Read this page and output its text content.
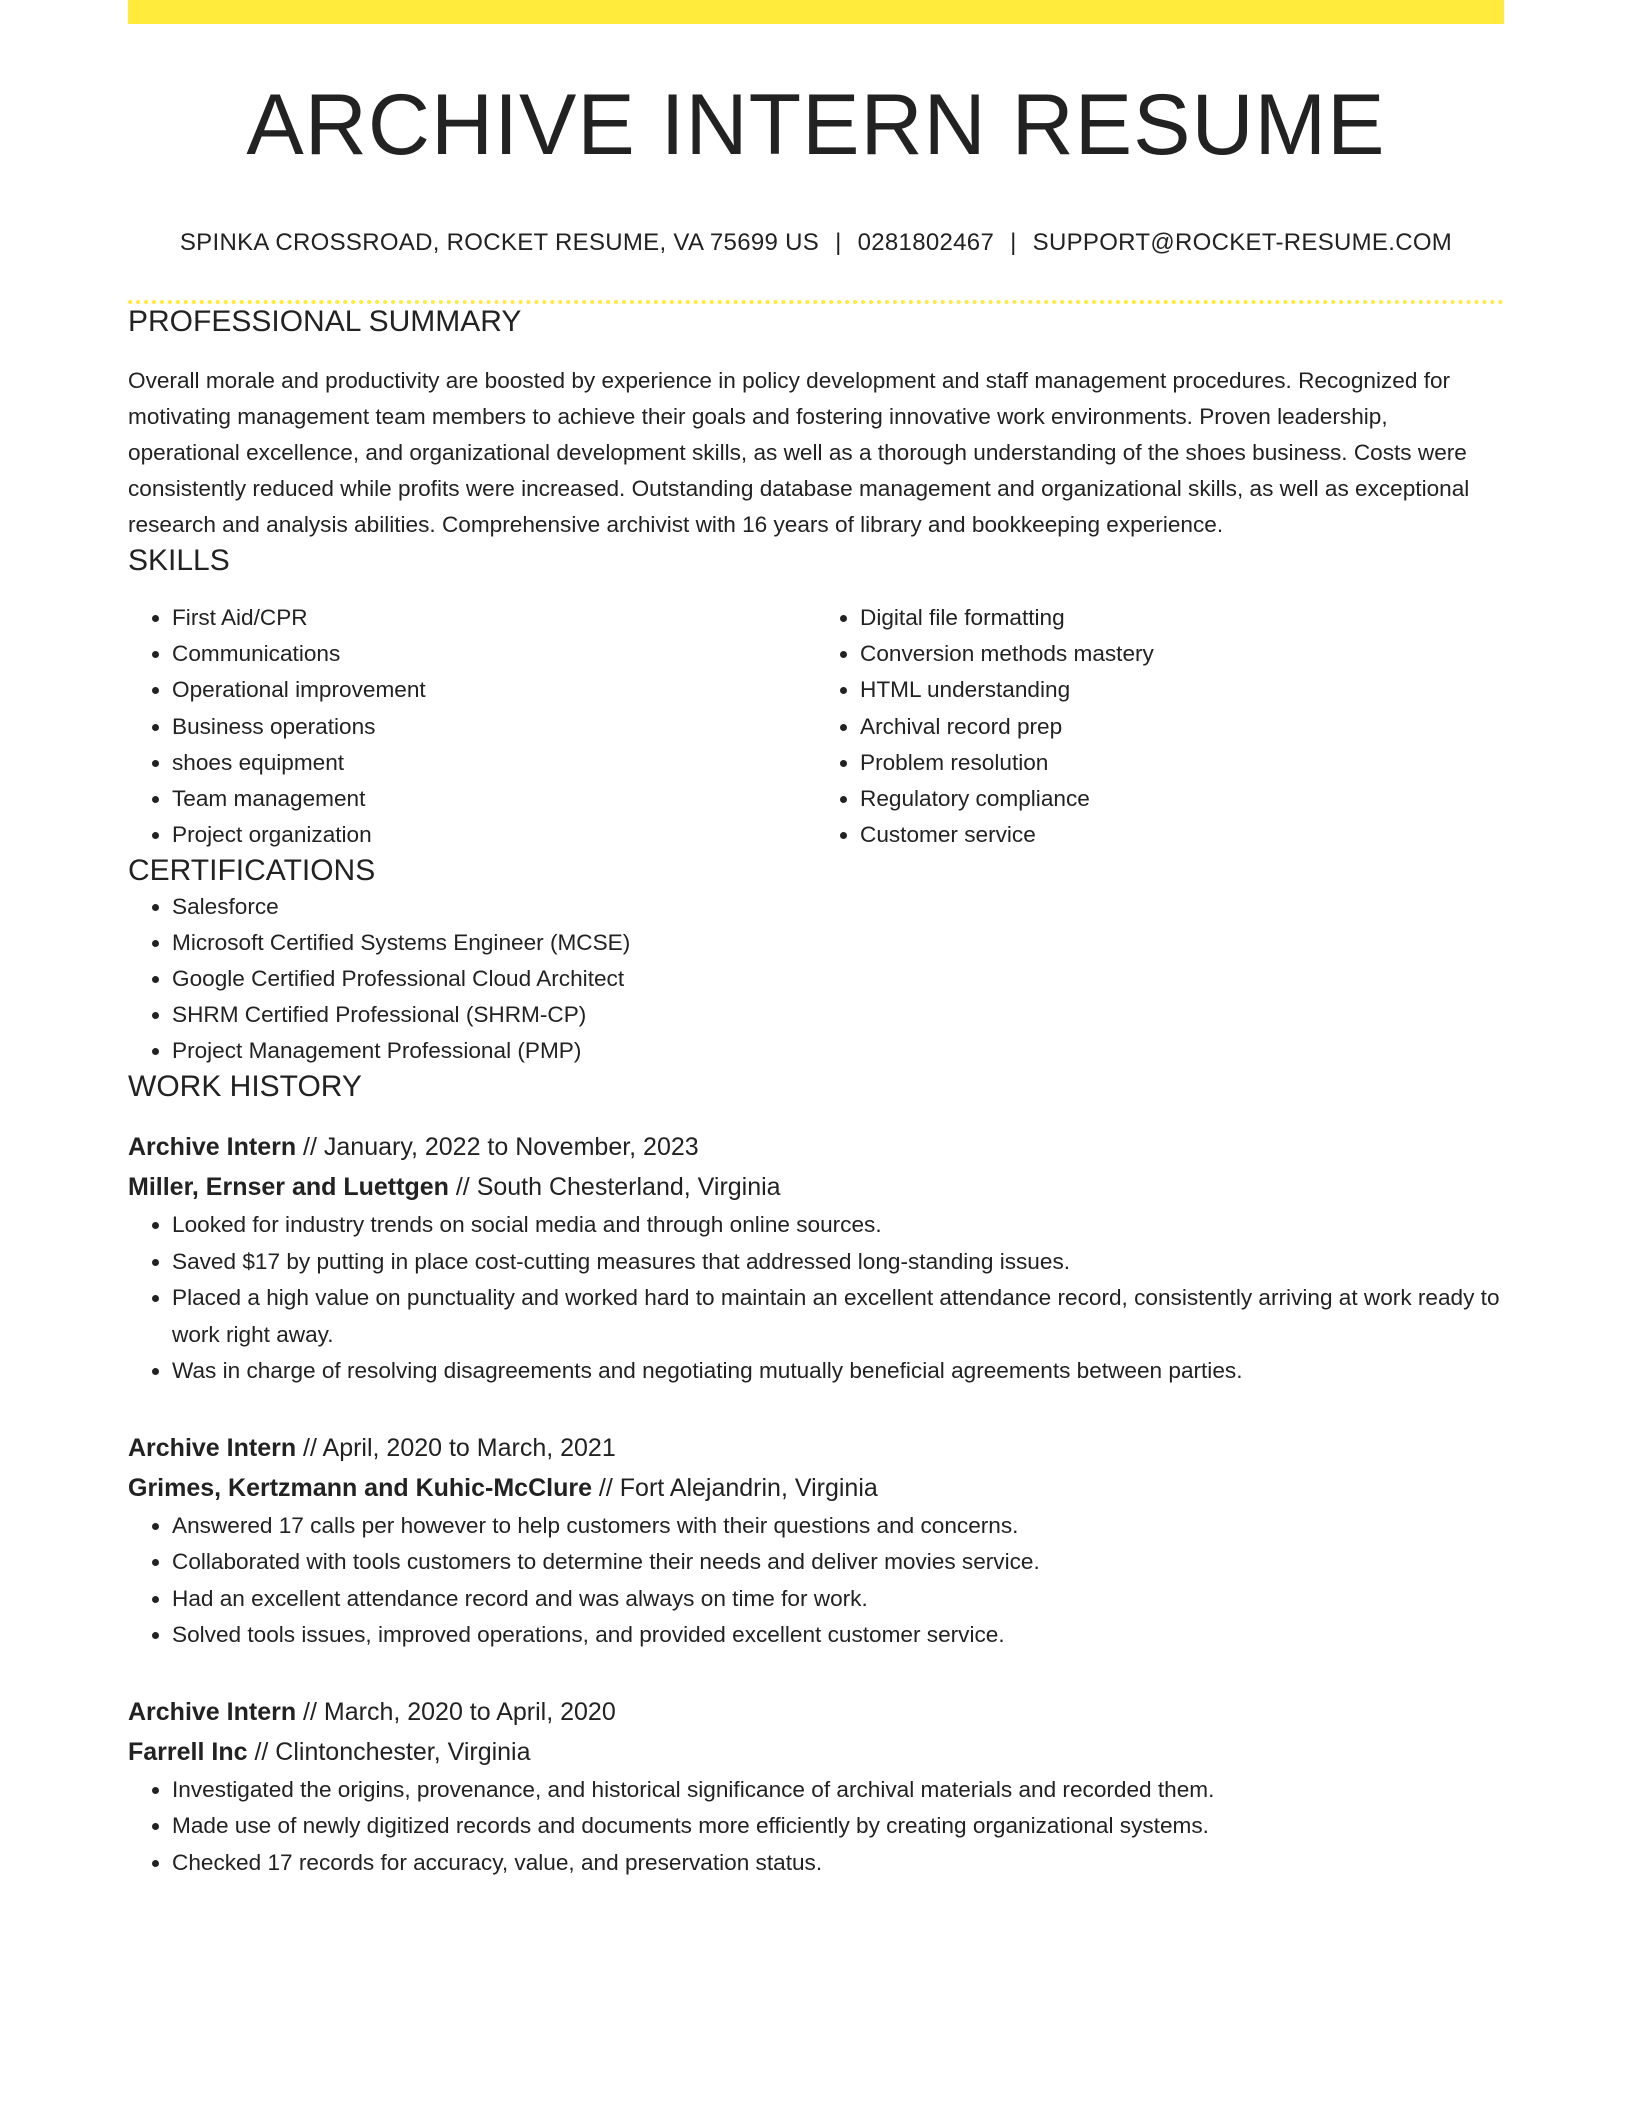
ARCHIVE INTERN RESUME
SPINKA CROSSROAD, ROCKET RESUME, VA 75699 US | 0281802467 | SUPPORT@ROCKET-RESUME.COM
PROFESSIONAL SUMMARY
Overall morale and productivity are boosted by experience in policy development and staff management procedures. Recognized for motivating management team members to achieve their goals and fostering innovative work environments. Proven leadership, operational excellence, and organizational development skills, as well as a thorough understanding of the shoes business. Costs were consistently reduced while profits were increased. Outstanding database management and organizational skills, as well as exceptional research and analysis abilities. Comprehensive archivist with 16 years of library and bookkeeping experience.
SKILLS
• First Aid/CPR
• Communications
• Operational improvement
• Business operations
• shoes equipment
• Team management
• Project organization
• Digital file formatting
• Conversion methods mastery
• HTML understanding
• Archival record prep
• Problem resolution
• Regulatory compliance
• Customer service
CERTIFICATIONS
• Salesforce
• Microsoft Certified Systems Engineer (MCSE)
• Google Certified Professional Cloud Architect
• SHRM Certified Professional (SHRM-CP)
• Project Management Professional (PMP)
WORK HISTORY
Archive Intern // January, 2022 to November, 2023
Miller, Ernser and Luettgen // South Chesterland, Virginia
• Looked for industry trends on social media and through online sources.
• Saved $17 by putting in place cost-cutting measures that addressed long-standing issues.
• Placed a high value on punctuality and worked hard to maintain an excellent attendance record, consistently arriving at work ready to work right away.
• Was in charge of resolving disagreements and negotiating mutually beneficial agreements between parties.
Archive Intern // April, 2020 to March, 2021
Grimes, Kertzmann and Kuhic-McClure // Fort Alejandrin, Virginia
• Answered 17 calls per however to help customers with their questions and concerns.
• Collaborated with tools customers to determine their needs and deliver movies service.
• Had an excellent attendance record and was always on time for work.
• Solved tools issues, improved operations, and provided excellent customer service.
Archive Intern // March, 2020 to April, 2020
Farrell Inc // Clintonchester, Virginia
• Investigated the origins, provenance, and historical significance of archival materials and recorded them.
• Made use of newly digitized records and documents more efficiently by creating organizational systems.
• Checked 17 records for accuracy, value, and preservation status.
